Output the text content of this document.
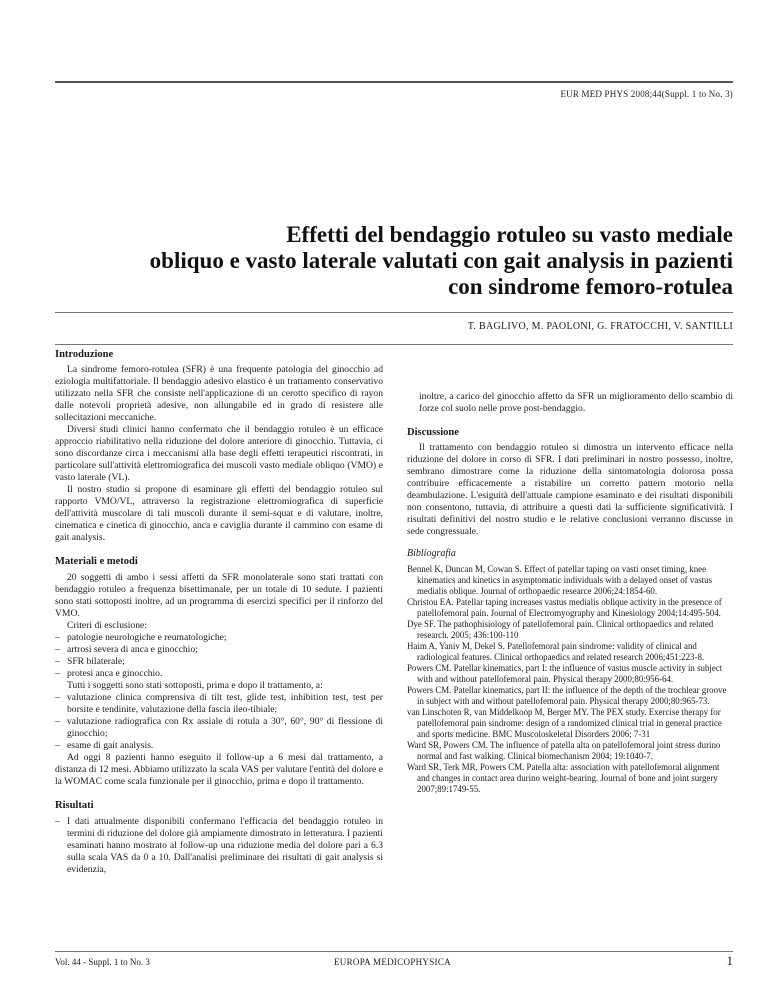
EUR MED PHYS 2008;44(Suppl. 1 to No. 3)
Effetti del bendaggio rotuleo su vasto mediale
obliquo e vasto laterale valutati con gait analysis in pazienti
con sindrome femoro-rotulea
T. BAGLIVO, M. PAOLONI, G. FRATOCCHI, V. SANTILLI
Introduzione

La sindrome femoro-rotulea (SFR) è una frequente patologia del ginocchio ad eziologia multifattoriale. Il bendaggio adesivo elastico è un trattamento conservativo utilizzato nella SFR che consiste nell'applicazione di un cerotto specifico di rayon dalle notevoli proprietà adesive, non allungabile ed in grado di resistere alle sollecitazioni meccaniche.

Diversi studi clinici hanno confermato che il bendaggio rotuleo è un efficace approccio riabilitativo nella riduzione del dolore anteriore di ginocchio. Tuttavia, ci sono discordanze circa i meccanismi alla base degli effetti terapeutici riscontrati, in particolare sull'attività elettromiografica dei muscoli vasto mediale obliquo (VMO) e vasto laterale (VL).

Il nostro studio si propone di esaminare gli effetti del bendaggio rotuleo sul rapporto VMO/VL, attraverso la registrazione elettromiografica di superficie dell'attività muscolare di tali muscoli durante il semi-squat e di valutare, inoltre, cinematica e cinetica di ginocchio, anca e caviglia durante il cammino con esame di gait analysis.

Materiali e metodi

20 soggetti di ambo i sessi affetti da SFR monolaterale sono stati trattati con bendaggio rotuleo a frequenza bisettimanale, per un totale di 10 sedute. I pazienti sono stati sottoposti inoltre, ad un programma di esercizi specifici per il rinforzo del VMO.

Criteri di esclusione:

– patologie neurologiche e reumatologiche;
– artrosi severa di anca e ginocchio;
– SFR bilaterale;
– protesi anca e ginocchio.

Tutti i soggetti sono stati sottoposti, prima e dopo il trattamento, a:

– valutazione clinica comprensiva di tilt test, glide test, inhibition test, test per borsite e tendinite, valutazione della fascia ileo-tibiale;
– valutazione radiografica con Rx assiale di rotula a 30°, 60°, 90° di flessione di ginocchio;
– esame di gait analysis.

Ad oggi 8 pazienti hanno eseguito il follow-up a 6 mesi dal trattamento, a distanza di 12 mesi. Abbiamo utilizzato la scala VAS per valutare l'entità del dolore e la WOMAC come scala funzionale per il ginocchio, prima e dopo il trattamento.

Risultati
– I dati attualmente disponibili confermano l'efficacia del bendaggio rotuleo in termini di riduzione del dolore già ampiamente dimostrato in letteratura. I pazienti esaminati hanno mostrato al follow-up una riduzione media del dolore pari a 6.3 sulla scala VAS da 0 a 10. Dall'analisi preliminare dei risultati di gait analysis si evidenzia,

inoltre, a carico del ginocchio affetto da SFR un miglioramento dello scambio di forze col suolo nelle prove post-bendaggio.

Discussione

Il trattamento con bendaggio rotuleo si dimostra un intervento efficace nella riduzione del dolore in corso di SFR. I dati preliminari in nostro possesso, inoltre, sembrano dimostrare come la riduzione della sintomatologia dolorosa possa contribuire efficacemente a ristabilire un corretto pattern motorio nella deambulazione. L'esiguità dell'attuale campione esaminato e dei risultati disponibili non consentono, tuttavia, di attribuire a questi dati la sufficiente significatività. I risultati definitivi del nostro studio e le relative conclusioni verranno discusse in sede congressuale.

Bibliografia

Bennel K, Duncan M, Cowan S. Effect of patellar taping on vasti onset timing, knee kinematics and kinetics in asymptomatic individuals with a delayed onset of vastus medialis oblique. Journal of orthopaedic researce 2006;24:1854-60.

Christou EA. Patellar taping increases vastus medialis oblique activity in the presence of patellofemoral pain. Journal of Electromyography and Kinesiology 2004;14:495-504.

Dye SF. The pathophisiology of patellofemoral pain. Clinical orthopaedics and related research. 2005; 436:100-110

Haim A, Yaniv M, Dekel S. Patellofemoral pain sindrome: validity of clinical and radiological features. Clinical orthopaedics and related research 2006;451:223-8.

Powers CM. Patellar kinematics, part I: the influence of vastus muscle activity in subject with and without patellofemoral pain. Physical therapy 2000;80:956-64.

Powers CM. Patellar kinematics, part II: the influence of the depth of the trochlear groove in subject with and without patellofemoral pain. Physical therapy 2000;80:965-73.

van Linschoten R, van Middelkoop M, Berger MY. The PEX study. Exercise therapy for patellofemoral pain sindrome: design of a randomized clinical trial in general practice and sports medicine. BMC Muscoloskeletal Disorders 2006; 7-31

Ward SR, Powers CM. The influence of patella alta on patellofemoral joint stress durino normal and fast walking. Clinical biomechanism 2004; 19:1040-7.

Ward SR, Terk MR, Powers CM. Patella alta: association with patellofemoral alignment and changes in contact area durino weight-bearing. Journal of bone and joint surgery 2007;89:1749-55.

Vol. 44 - Suppl. 1 to No. 3	EUROPA MEDICOPHYSICA	1
